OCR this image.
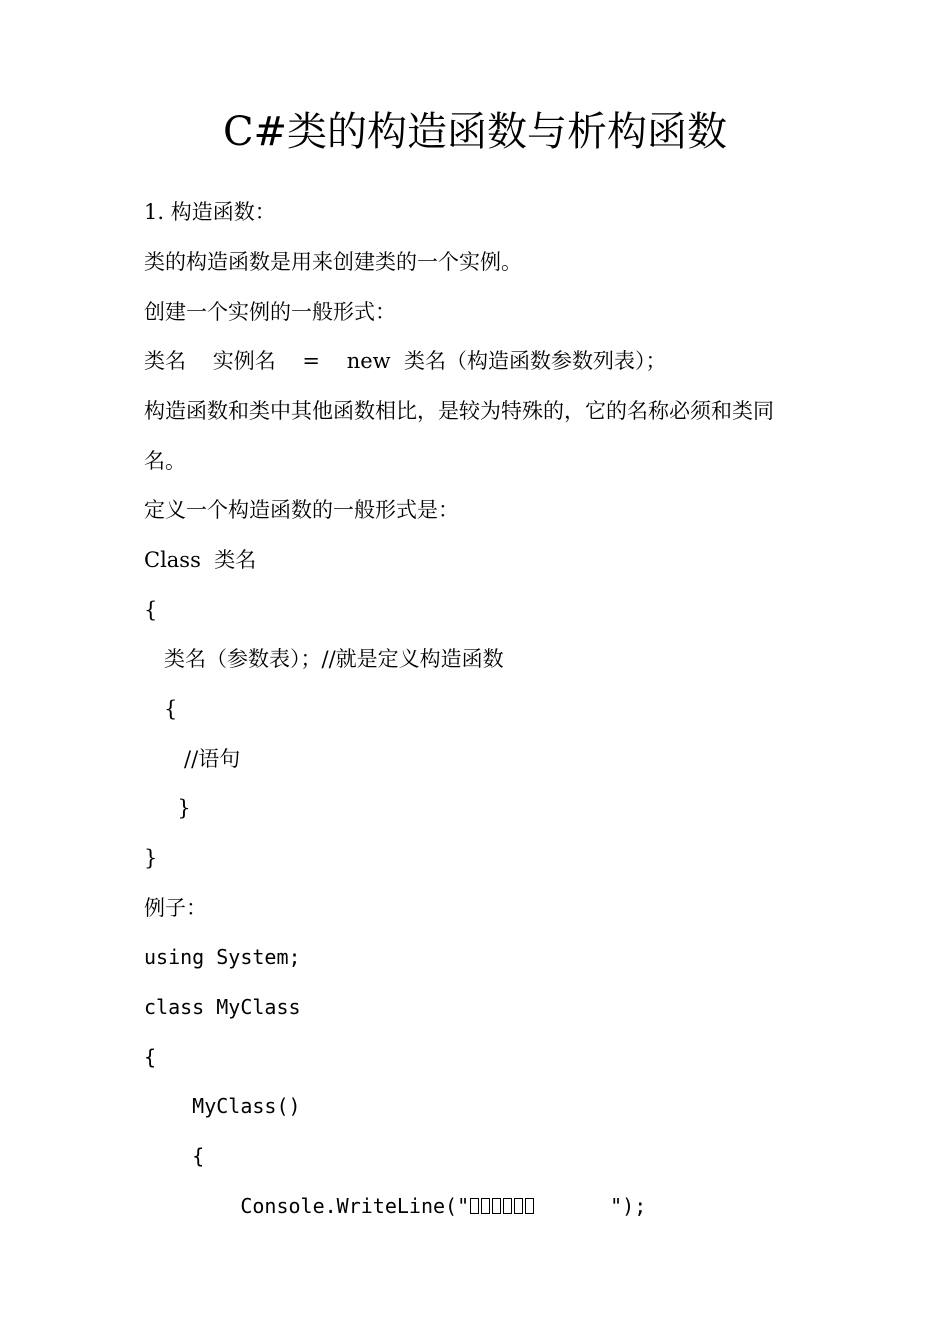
C#类的构造函数与析构函数
1. 构造函数：
类的构造函数是用来创建类的一个实例。
创建一个实例的一般形式：
类名    实例名    =    new  类名（构造函数参数列表）；
构造函数和类中其他函数相比，是较为特殊的，它的名称必须和类同
名。
定义一个构造函数的一般形式是：
Class  类名
{
类名（参数表）；//就是定义构造函数
{
//语句
}
}
例子：
using System;
class MyClass
{
MyClass()
{
Console.WriteLine("	");
